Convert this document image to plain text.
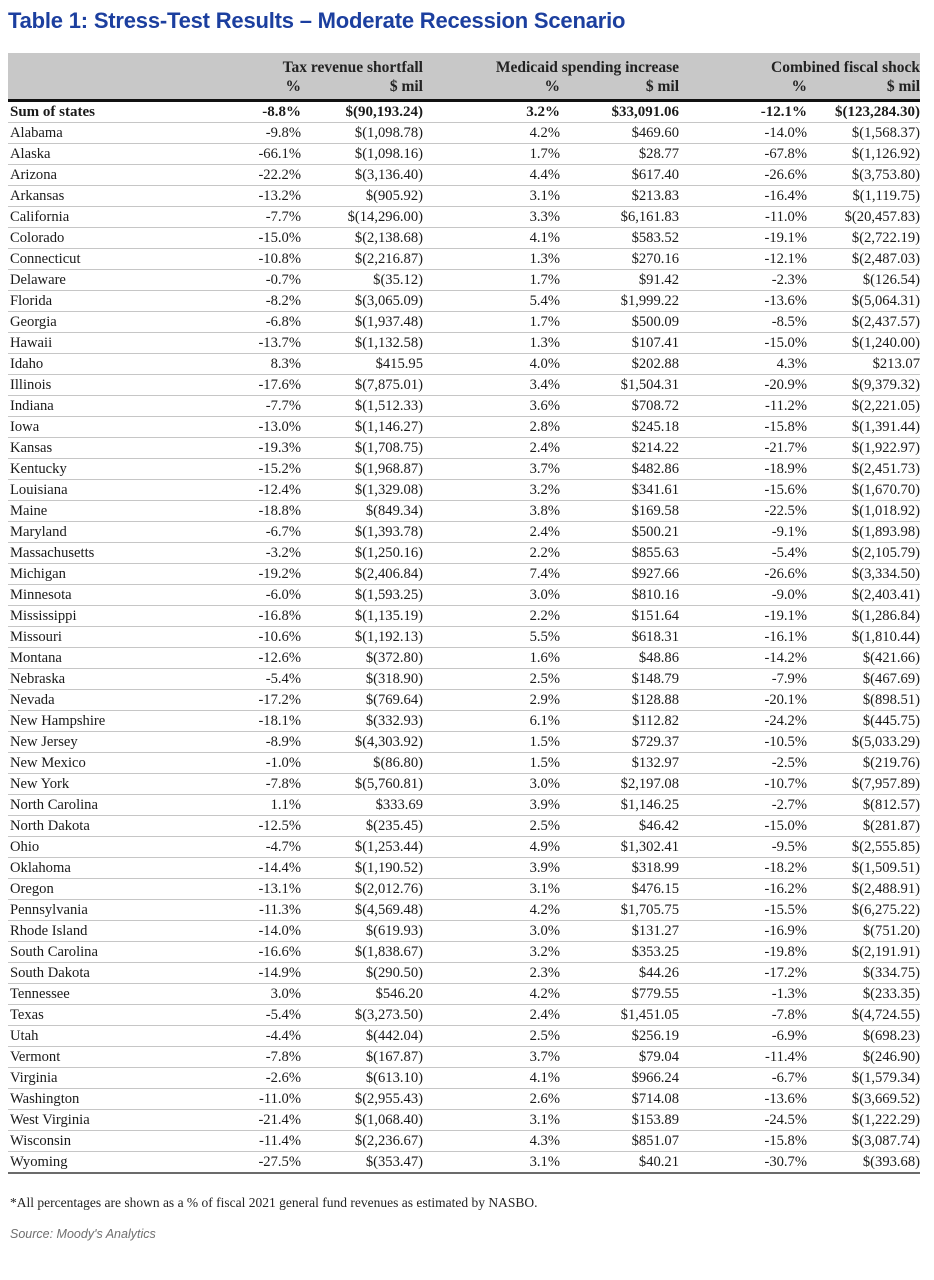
Table 1: Stress-Test Results – Moderate Recession Scenario
	Tax revenue shortfall		Medicaid spending increase		Combined fiscal shock	
	%	$ mil	%	$ mil	%	$ mil
Sum of states	-8.8%	$(90,193.24)	3.2%	$33,091.06	-12.1%	$(123,284.30)
Alabama	-9.8%	$(1,098.78)	4.2%	$469.60	-14.0%	$(1,568.37)
Alaska	-66.1%	$(1,098.16)	1.7%	$28.77	-67.8%	$(1,126.92)
Arizona	-22.2%	$(3,136.40)	4.4%	$617.40	-26.6%	$(3,753.80)
Arkansas	-13.2%	$(905.92)	3.1%	$213.83	-16.4%	$(1,119.75)
California	-7.7%	$(14,296.00)	3.3%	$6,161.83	-11.0%	$(20,457.83)
Colorado	-15.0%	$(2,138.68)	4.1%	$583.52	-19.1%	$(2,722.19)
Connecticut	-10.8%	$(2,216.87)	1.3%	$270.16	-12.1%	$(2,487.03)
Delaware	-0.7%	$(35.12)	1.7%	$91.42	-2.3%	$(126.54)
Florida	-8.2%	$(3,065.09)	5.4%	$1,999.22	-13.6%	$(5,064.31)
Georgia	-6.8%	$(1,937.48)	1.7%	$500.09	-8.5%	$(2,437.57)
Hawaii	-13.7%	$(1,132.58)	1.3%	$107.41	-15.0%	$(1,240.00)
Idaho	8.3%	$415.95	4.0%	$202.88	4.3%	$213.07
Illinois	-17.6%	$(7,875.01)	3.4%	$1,504.31	-20.9%	$(9,379.32)
Indiana	-7.7%	$(1,512.33)	3.6%	$708.72	-11.2%	$(2,221.05)
Iowa	-13.0%	$(1,146.27)	2.8%	$245.18	-15.8%	$(1,391.44)
Kansas	-19.3%	$(1,708.75)	2.4%	$214.22	-21.7%	$(1,922.97)
Kentucky	-15.2%	$(1,968.87)	3.7%	$482.86	-18.9%	$(2,451.73)
Louisiana	-12.4%	$(1,329.08)	3.2%	$341.61	-15.6%	$(1,670.70)
Maine	-18.8%	$(849.34)	3.8%	$169.58	-22.5%	$(1,018.92)
Maryland	-6.7%	$(1,393.78)	2.4%	$500.21	-9.1%	$(1,893.98)
Massachusetts	-3.2%	$(1,250.16)	2.2%	$855.63	-5.4%	$(2,105.79)
Michigan	-19.2%	$(2,406.84)	7.4%	$927.66	-26.6%	$(3,334.50)
Minnesota	-6.0%	$(1,593.25)	3.0%	$810.16	-9.0%	$(2,403.41)
Mississippi	-16.8%	$(1,135.19)	2.2%	$151.64	-19.1%	$(1,286.84)
Missouri	-10.6%	$(1,192.13)	5.5%	$618.31	-16.1%	$(1,810.44)
Montana	-12.6%	$(372.80)	1.6%	$48.86	-14.2%	$(421.66)
Nebraska	-5.4%	$(318.90)	2.5%	$148.79	-7.9%	$(467.69)
Nevada	-17.2%	$(769.64)	2.9%	$128.88	-20.1%	$(898.51)
New Hampshire	-18.1%	$(332.93)	6.1%	$112.82	-24.2%	$(445.75)
New Jersey	-8.9%	$(4,303.92)	1.5%	$729.37	-10.5%	$(5,033.29)
New Mexico	-1.0%	$(86.80)	1.5%	$132.97	-2.5%	$(219.76)
New York	-7.8%	$(5,760.81)	3.0%	$2,197.08	-10.7%	$(7,957.89)
North Carolina	1.1%	$333.69	3.9%	$1,146.25	-2.7%	$(812.57)
North Dakota	-12.5%	$(235.45)	2.5%	$46.42	-15.0%	$(281.87)
Ohio	-4.7%	$(1,253.44)	4.9%	$1,302.41	-9.5%	$(2,555.85)
Oklahoma	-14.4%	$(1,190.52)	3.9%	$318.99	-18.2%	$(1,509.51)
Oregon	-13.1%	$(2,012.76)	3.1%	$476.15	-16.2%	$(2,488.91)
Pennsylvania	-11.3%	$(4,569.48)	4.2%	$1,705.75	-15.5%	$(6,275.22)
Rhode Island	-14.0%	$(619.93)	3.0%	$131.27	-16.9%	$(751.20)
South Carolina	-16.6%	$(1,838.67)	3.2%	$353.25	-19.8%	$(2,191.91)
South Dakota	-14.9%	$(290.50)	2.3%	$44.26	-17.2%	$(334.75)
Tennessee	3.0%	$546.20	4.2%	$779.55	-1.3%	$(233.35)
Texas	-5.4%	$(3,273.50)	2.4%	$1,451.05	-7.8%	$(4,724.55)
Utah	-4.4%	$(442.04)	2.5%	$256.19	-6.9%	$(698.23)
Vermont	-7.8%	$(167.87)	3.7%	$79.04	-11.4%	$(246.90)
Virginia	-2.6%	$(613.10)	4.1%	$966.24	-6.7%	$(1,579.34)
Washington	-11.0%	$(2,955.43)	2.6%	$714.08	-13.6%	$(3,669.52)
West Virginia	-21.4%	$(1,068.40)	3.1%	$153.89	-24.5%	$(1,222.29)
Wisconsin	-11.4%	$(2,236.67)	4.3%	$851.07	-15.8%	$(3,087.74)
Wyoming	-27.5%	$(353.47)	3.1%	$40.21	-30.7%	$(393.68)

*All percentages are shown as a % of fiscal 2021 general fund revenues as estimated by NASBO.

Source: Moody's Analytics
